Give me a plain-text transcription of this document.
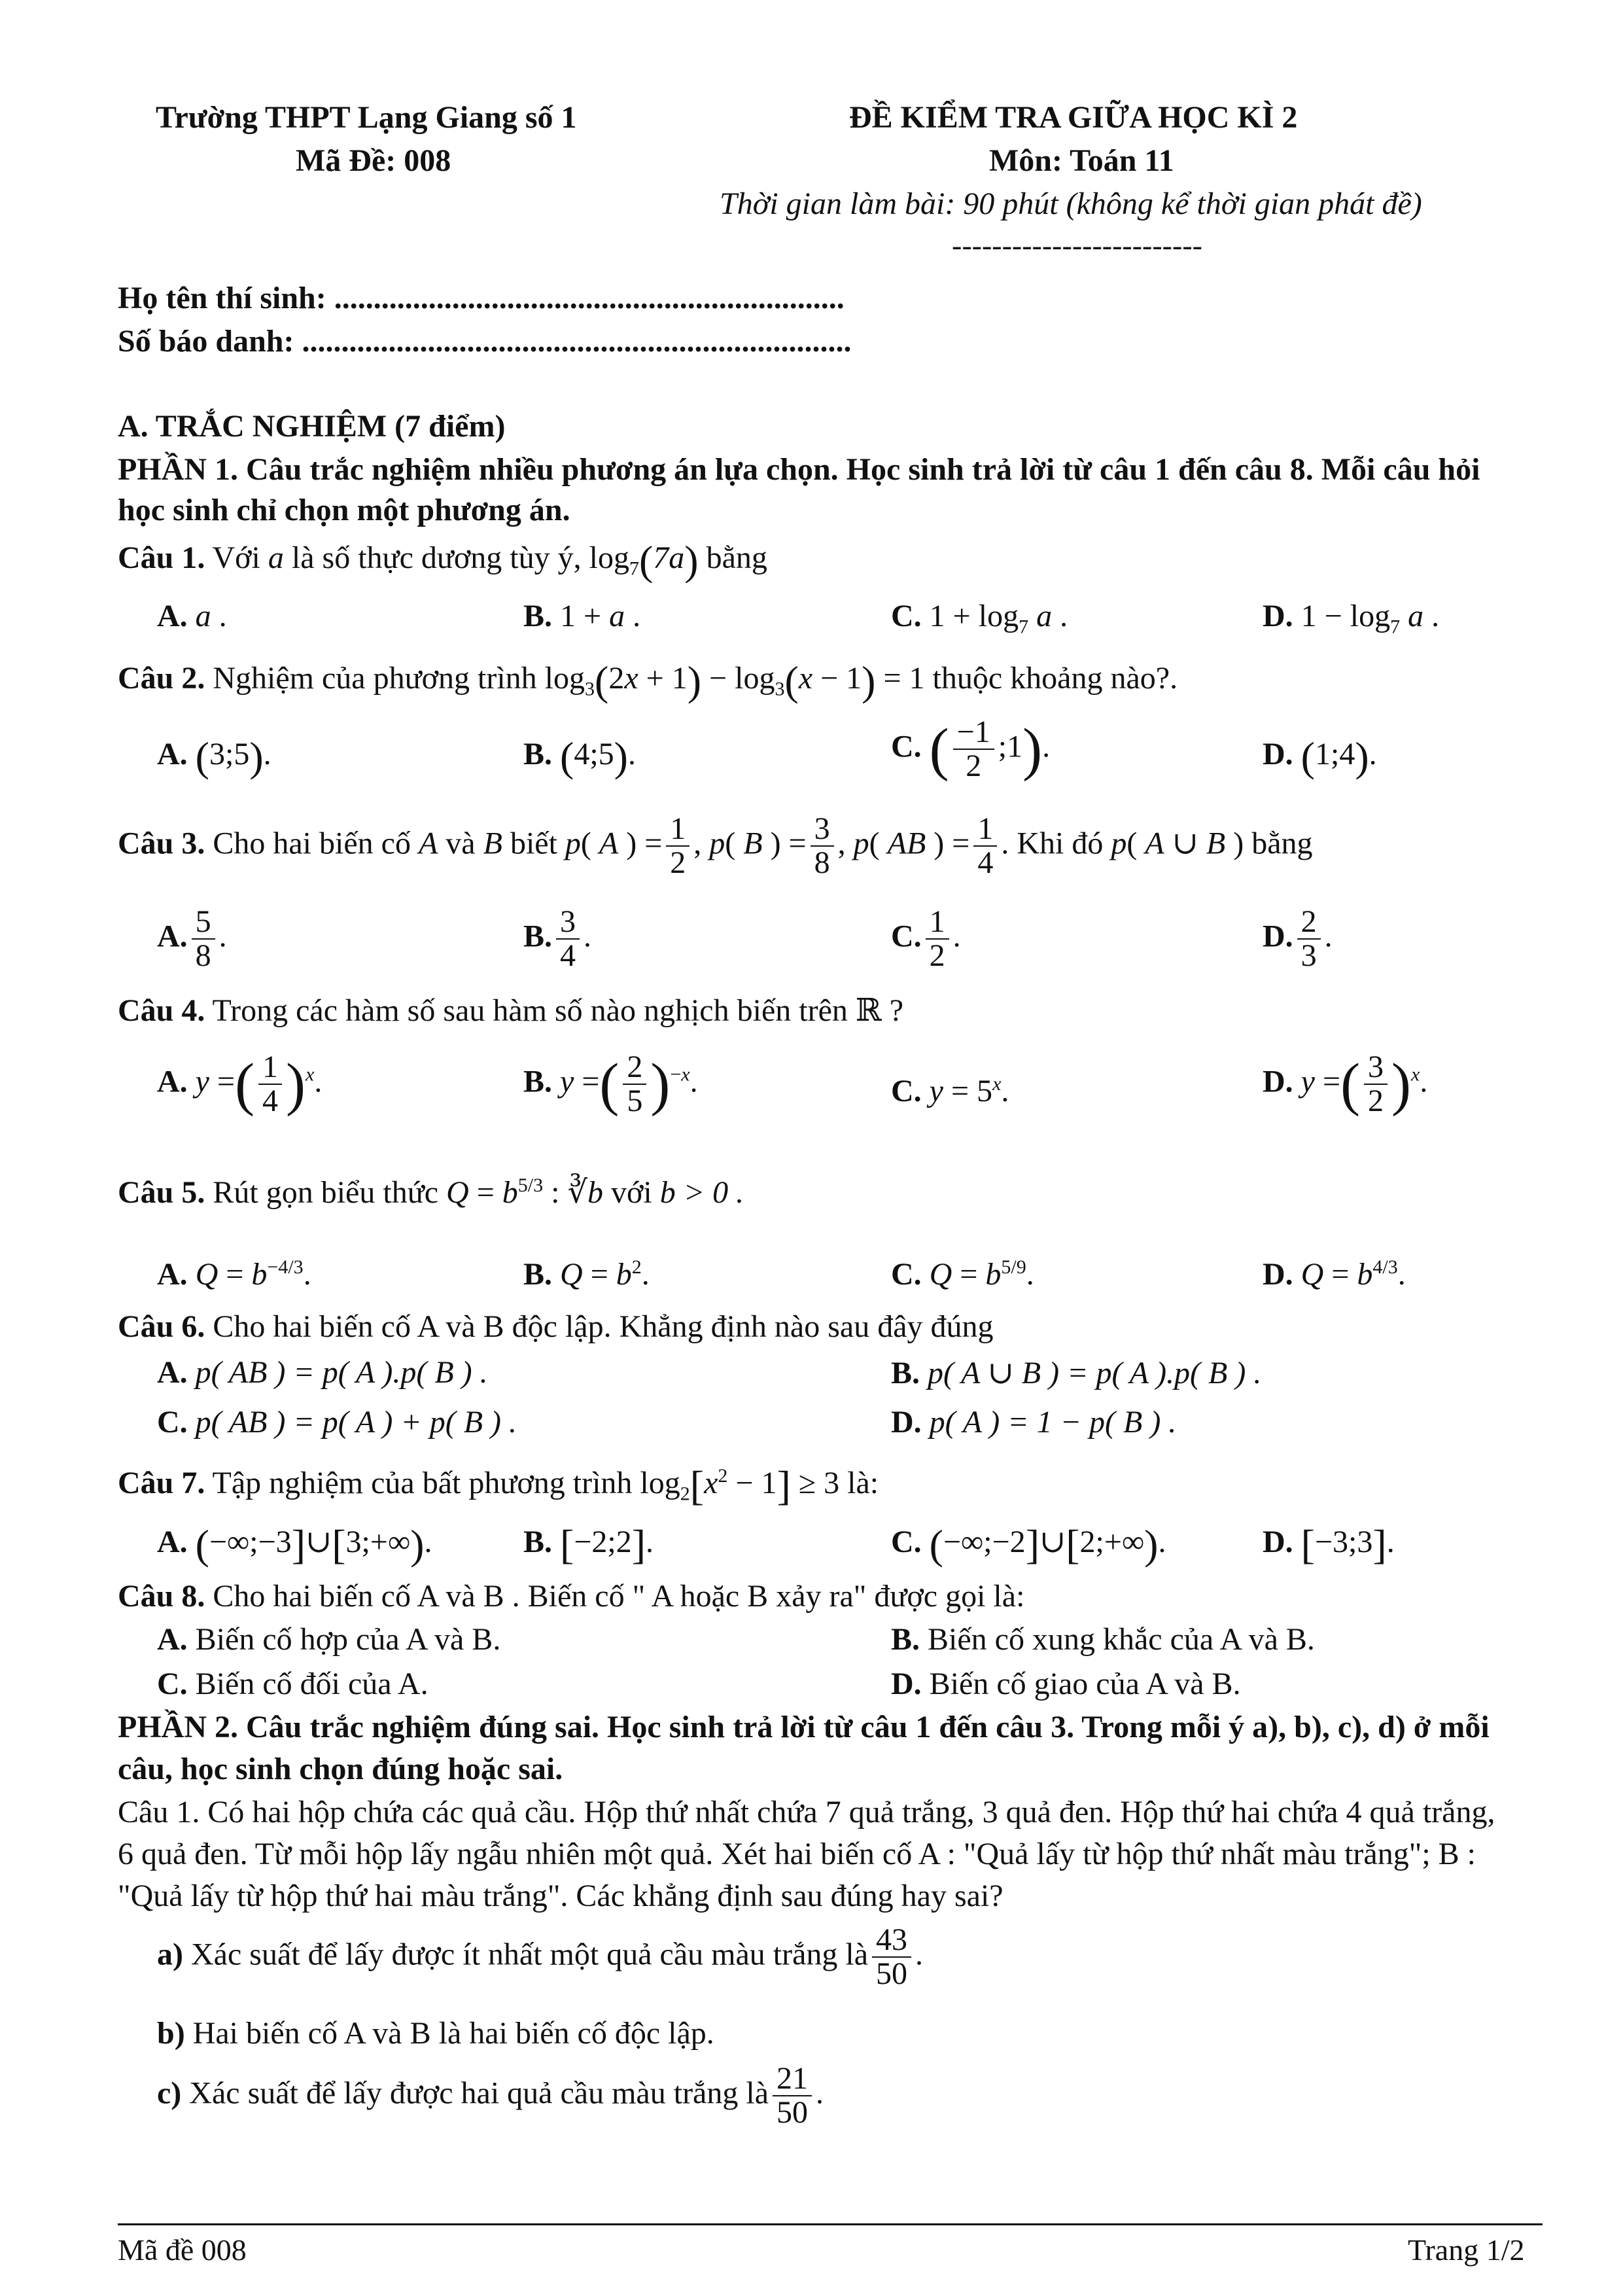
Trường THPT Lạng Giang số 1
Mã Đề: 008
ĐỀ KIỂM TRA GIỮA HỌC KÌ 2
Môn: Toán 11
Thời gian làm bài: 90 phút (không kể thời gian phát đề)
-------------------------
Họ tên thí sinh: .................................................................
Số báo danh: ......................................................................
A. TRẮC NGHIỆM (7 điểm)
PHẦN 1. Câu trắc nghiệm nhiều phương án lựa chọn. Học sinh trả lời từ câu 1 đến câu 8. Mỗi câu hỏi
học sinh chỉ chọn một phương án.
Câu 1. Với a là số thực dương tùy ý, $\log_7(7a)$ bằng
A. a .	B. 1 + a .	C. $1 + \log_7 a$ .	D. $1 - \log_7 a$ .
Câu 2. Nghiệm của phương trình $\log_3(2x + 1) - \log_3(x - 1) = 1$ thuộc khoảng nào?.
A. (3;5).	B. (4;5).	C. ( $\frac{-1}{2}$ ;1).	D. (1;4).
Câu 3. Cho hai biến cố A và B biết p( A ) = $\frac{1}{2}$ , p( B ) = $\frac{3}{8}$ , p( AB ) = $\frac{1}{4}$ . Khi đó p( A ∪ B ) bằng
A. $\frac{5}{8}$ .	B. $\frac{3}{4}$ .	C. $\frac{1}{2}$ .	D. $\frac{2}{3}$ .
Câu 4. Trong các hàm số sau hàm số nào nghịch biến trên ℝ ?
A. y =( $\frac{1}{4} )^x$.	B. y =( $\frac{2}{5} )^{-x}$.	C. $y = 5^x$.	D. y =( $\frac{3}{2} )^x$.
Câu 5. Rút gọn biểu thức $Q = b^{5/3}$ : ∛b với b > 0 .
A. $Q = b^{-4/3}$.	B. $Q = b^2$.	C. $Q = b^{5/9}$.	D. $Q = b^{4/3}$.
Câu 6. Cho hai biến cố A và B độc lập. Khẳng định nào sau đây đúng
A. p( AB ) = p( A ).p( B ) .	B. p( A ∪ B ) = p( A ).p( B ) .
C. p( AB ) = p( A ) + p( B ) .	D. p( A ) = 1 − p( B ) .
Câu 7. Tập nghiệm của bất phương trình $\log_2[x^2 - 1] \ge 3$ là:
A. (−∞;−3]∪[3;+∞).	B. [−2;2].	C. (−∞;−2]∪[2;+∞).	D. [−3;3].
Câu 8. Cho hai biến cố A và B . Biến cố " A hoặc B xảy ra" được gọi là:
A. Biến cố hợp của A và B.	B. Biến cố xung khắc của A và B.
C. Biến cố đối của A.	D. Biến cố giao của A và B.
PHẦN 2. Câu trắc nghiệm đúng sai. Học sinh trả lời từ câu 1 đến câu 3. Trong mỗi ý a), b), c), d) ở mỗi
câu, học sinh chọn đúng hoặc sai.
Câu 1. Có hai hộp chứa các quả cầu. Hộp thứ nhất chứa 7 quả trắng, 3 quả đen. Hộp thứ hai chứa 4 quả trắng,
6 quả đen. Từ mỗi hộp lấy ngẫu nhiên một quả. Xét hai biến cố A : "Quả lấy từ hộp thứ nhất màu trắng"; B :
"Quả lấy từ hộp thứ hai màu trắng". Các khẳng định sau đúng hay sai?
a) Xác suất để lấy được ít nhất một quả cầu màu trắng là $\frac{43}{50}$ .
b) Hai biến cố A và B là hai biến cố độc lập.
c) Xác suất để lấy được hai quả cầu màu trắng là $\frac{21}{50}$ .
Mã đề 008	Trang 1/2
